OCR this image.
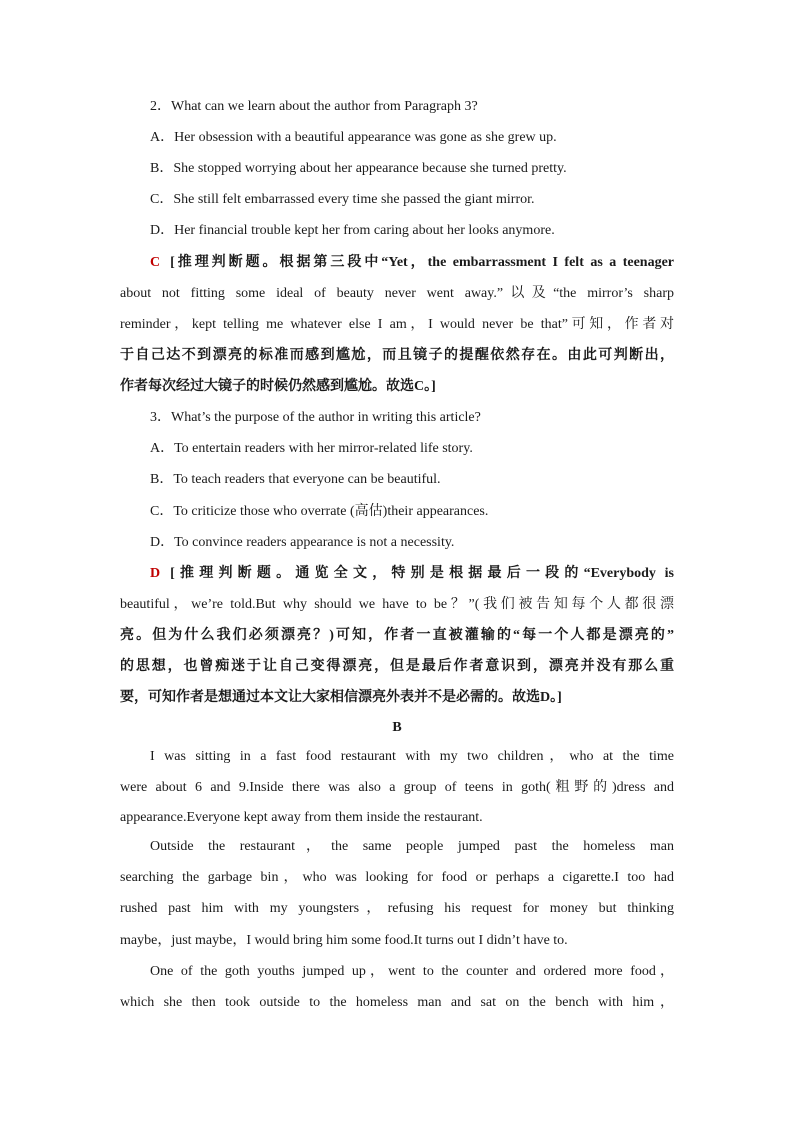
2．What can we learn about the author from Paragraph 3?
A．Her obsession with a beautiful appearance was gone as she grew up.
B．She stopped worrying about her appearance because she turned pretty.
C．She still felt embarrassed every time she passed the giant mirror.
D．Her financial trouble kept her from caring about her looks anymore.
C [推理判断题。根据第三段中“Yet，the embarrassment I felt as a teenager
about not fitting some ideal of beauty never went away.”以及“the mirror’s sharp
reminder，kept telling me whatever else I am，I would never be that”可知，作者对
于自己达不到漂亮的标准而感到尴尬，而且镜子的提醒依然存在。由此可判断出，
作者每次经过大镜子的时候仍然感到尴尬。故选C。]
3．What’s the purpose of the author in writing this article?
A．To entertain readers with her mirror-related life story.
B．To teach readers that everyone can be beautiful.
C．To criticize those who overrate (高估)their appearances.
D．To convince readers appearance is not a necessity.
D [推理判断题。通览全文，特别是根据最后一段的“Everybody is
beautiful，we’re told.But why should we have to be？”(我们被告知每个人都很漂
亮。但为什么我们必须漂亮？)可知，作者一直被灌输的“每一个人都是漂亮的”
的思想，也曾痴迷于让自己变得漂亮，但是最后作者意识到，漂亮并没有那么重
要，可知作者是想通过本文让大家相信漂亮外表并不是必需的。故选D。]
B
I was sitting in a fast food restaurant with my two children，who at the time
were about 6 and 9.Inside there was also a group of teens in goth(粗野的)dress and
appearance.Everyone kept away from them inside the restaurant.
Outside the restaurant，the same people jumped past the homeless man
searching the garbage bin，who was looking for food or perhaps a cigarette.I too had
rushed past him with my youngsters，refusing his request for money but thinking
maybe，just maybe，I would bring him some food.It turns out I didn’t have to.
One of the goth youths jumped up，went to the counter and ordered more food，
which she then took outside to the homeless man and sat on the bench with him，
